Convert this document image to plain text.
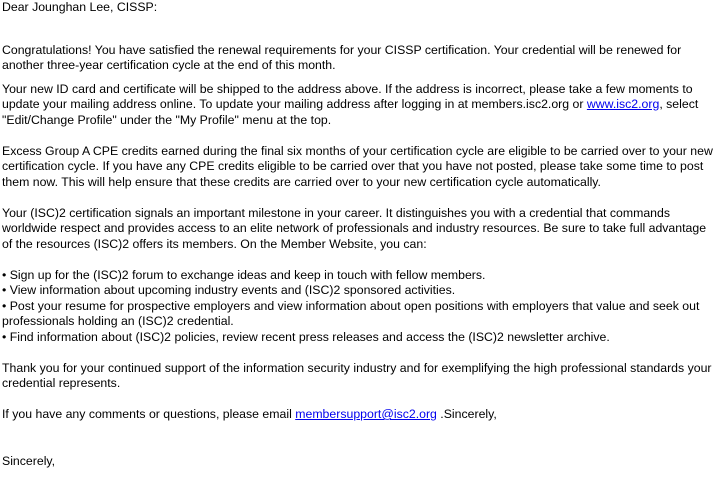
Dear Jounghan Lee, CISSP:

Congratulations! You have satisfied the renewal requirements for your CISSP certification. Your credential will be renewed for another three-year certification cycle at the end of this month.

Your new ID card and certificate will be shipped to the address above. If the address is incorrect, please take a few moments to update your mailing address online. To update your mailing address after logging in at members.isc2.org or www.isc2.org, select "Edit/Change Profile" under the "My Profile" menu at the top.

Excess Group A CPE credits earned during the final six months of your certification cycle are eligible to be carried over to your new certification cycle. If you have any CPE credits eligible to be carried over that you have not posted, please take some time to post them now. This will help ensure that these credits are carried over to your new certification cycle automatically.

Your (ISC)2 certification signals an important milestone in your career. It distinguishes you with a credential that commands worldwide respect and provides access to an elite network of professionals and industry resources. Be sure to take full advantage of the resources (ISC)2 offers its members. On the Member Website, you can:

• Sign up for the (ISC)2 forum to exchange ideas and keep in touch with fellow members.

• View information about upcoming industry events and (ISC)2 sponsored activities.

• Post your resume for prospective employers and view information about open positions with employers that value and seek out professionals holding an (ISC)2 credential.

• Find information about (ISC)2 policies, review recent press releases and access the (ISC)2 newsletter archive.

Thank you for your continued support of the information security industry and for exemplifying the high professional standards your credential represents.

If you have any comments or questions, please email membersupport@isc2.org .Sincerely,

Sincerely,
